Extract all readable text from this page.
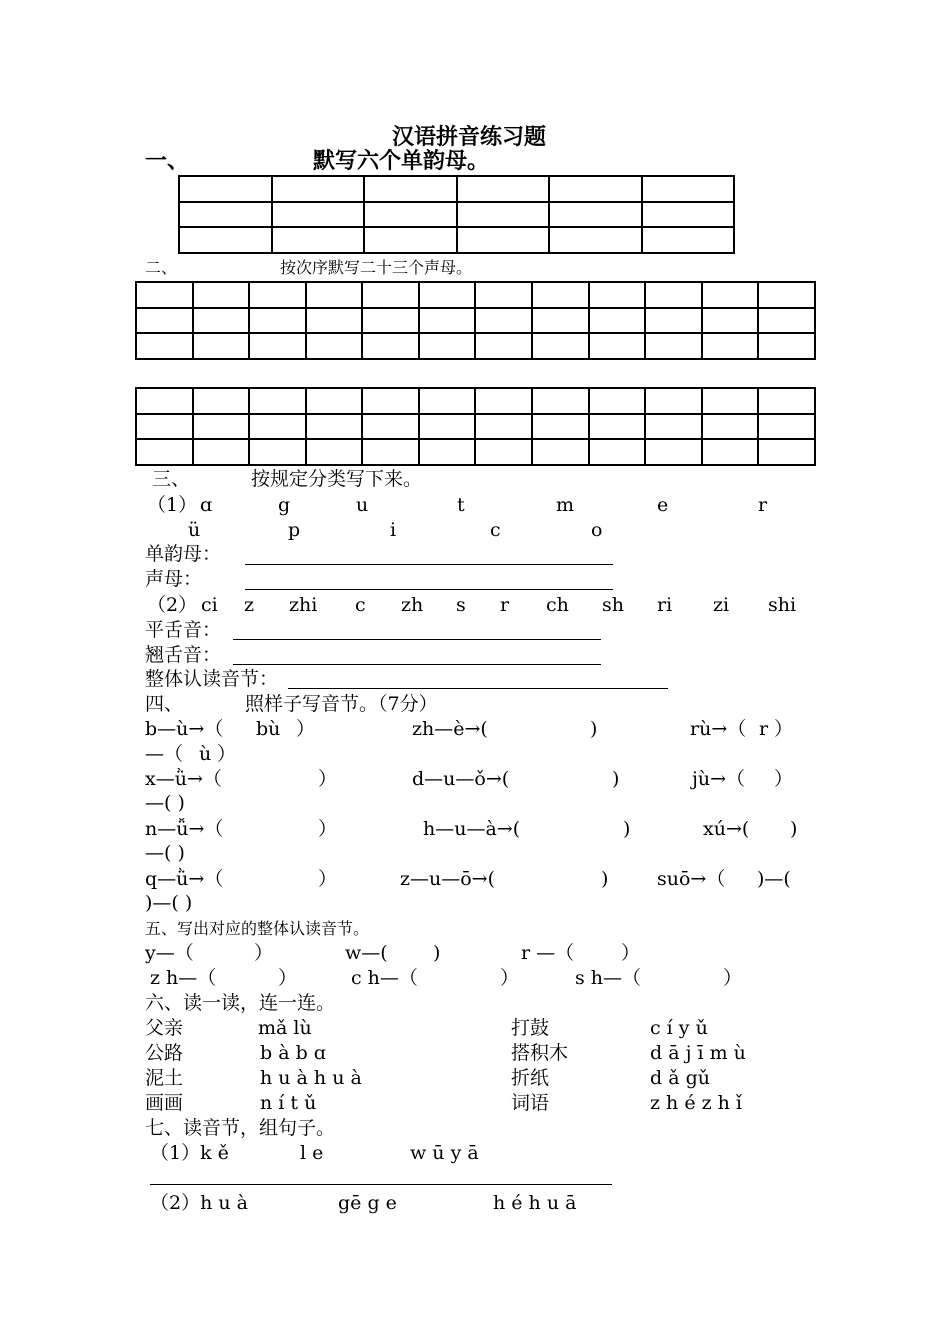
汉语拼音练习题
一、	默写六个单韵母。

二、	按次序默写二十三个声母。

三、	按规定分类写下来。
（1） ɑ	g	u	t	m	e	r
ü	p	i	c	o
单韵母：
声母：
（2） ci z zhi c zh s r ch sh ri zi shi
平舌音：
翘舌音：
整体认读音节：
四、	照样子写音节。（7分）
b—ù→（ bù ）	zh—è→(	)	rù→（ r ）
—（ ù ）
x—ǜ→（	）	d—u—ǒ→(	)	jù→（ ）
—( )
n—ǚ→（	）	h—u—à→(	)	xú→( )
—( )
q—ǜ→（	）	z—u—ō→(	)	suō→（ )—(
)—( )
五、写出对应的整体认读音节。
y—（	）	w—( )	r —（ ）
z h—（	）	c h—（	）	s h—（	）
六、读一读，连一连。
父亲	mǎ lù	打鼓	c í y ǔ
公路	b à b ɑ	搭积木	d ā j ī m ù
泥土	h u à h u à	折纸	d ǎ gǔ
画画	n í t ǔ	词语	z h é z h ǐ
七、读音节，组句子。
（1）k ě	l e	w ū y ā
（2）h u à	gē g e	h é h u ā
